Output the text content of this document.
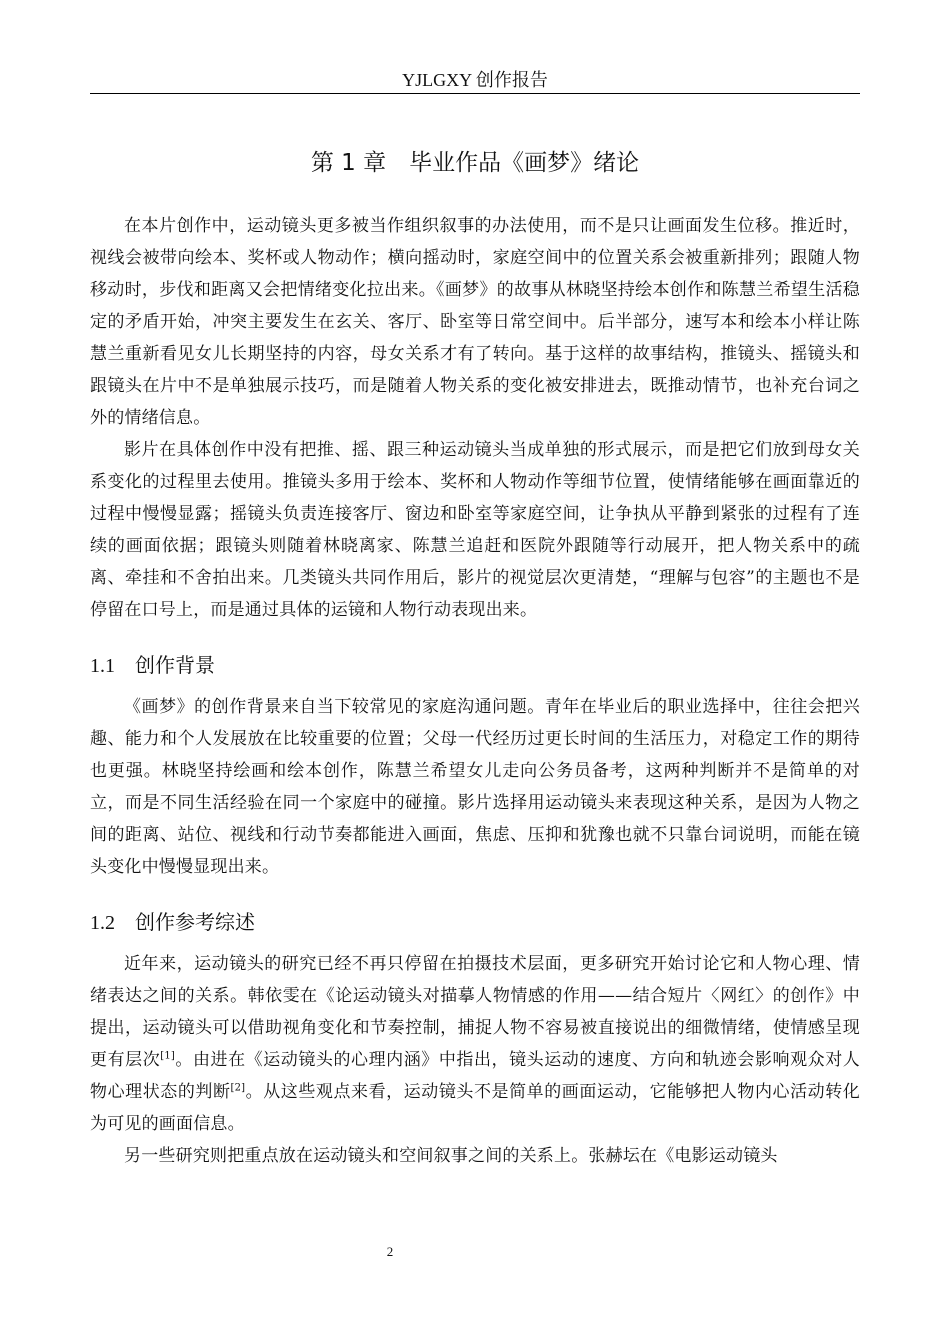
YJLGXY 创作报告
第 1 章　毕业作品《画梦》绪论

在本片创作中，运动镜头更多被当作组织叙事的办法使用，而不是只让画面发生位移。推近时，视线会被带向绘本、奖杯或人物动作；横向摇动时，家庭空间中的位置关系会被重新排列；跟随人物移动时，步伐和距离又会把情绪变化拉出来。《画梦》的故事从林晓坚持绘本创作和陈慧兰希望生活稳定的矛盾开始，冲突主要发生在玄关、客厅、卧室等日常空间中。后半部分，速写本和绘本小样让陈慧兰重新看见女儿长期坚持的内容，母女关系才有了转向。基于这样的故事结构，推镜头、摇镜头和跟镜头在片中不是单独展示技巧，而是随着人物关系的变化被安排进去，既推动情节，也补充台词之外的情绪信息。

影片在具体创作中没有把推、摇、跟三种运动镜头当成单独的形式展示，而是把它们放到母女关系变化的过程里去使用。推镜头多用于绘本、奖杯和人物动作等细节位置，使情绪能够在画面靠近的过程中慢慢显露；摇镜头负责连接客厅、窗边和卧室等家庭空间，让争执从平静到紧张的过程有了连续的画面依据；跟镜头则随着林晓离家、陈慧兰追赶和医院外跟随等行动展开，把人物关系中的疏离、牵挂和不舍拍出来。几类镜头共同作用后，影片的视觉层次更清楚，“理解与包容”的主题也不是停留在口号上，而是通过具体的运镜和人物行动表现出来。

1.1 创作背景

《画梦》的创作背景来自当下较常见的家庭沟通问题。青年在毕业后的职业选择中，往往会把兴趣、能力和个人发展放在比较重要的位置；父母一代经历过更长时间的生活压力，对稳定工作的期待也更强。林晓坚持绘画和绘本创作，陈慧兰希望女儿走向公务员备考，这两种判断并不是简单的对立，而是不同生活经验在同一个家庭中的碰撞。影片选择用运动镜头来表现这种关系，是因为人物之间的距离、站位、视线和行动节奏都能进入画面，焦虑、压抑和犹豫也就不只靠台词说明，而能在镜头变化中慢慢显现出来。

1.2 创作参考综述

近年来，运动镜头的研究已经不再只停留在拍摄技术层面，更多研究开始讨论它和人物心理、情绪表达之间的关系。韩依雯在《论运动镜头对描摹人物情感的作用——结合短片〈网红〉的创作》中提出，运动镜头可以借助视角变化和节奏控制，捕捉人物不容易被直接说出的细微情绪，使情感呈现更有层次[1]。由进在《运动镜头的心理内涵》中指出，镜头运动的速度、方向和轨迹会影响观众对人物心理状态的判断[2]。从这些观点来看，运动镜头不是简单的画面运动，它能够把人物内心活动转化为可见的画面信息。

另一些研究则把重点放在运动镜头和空间叙事之间的关系上。张赫坛在《电影运动镜头

2
